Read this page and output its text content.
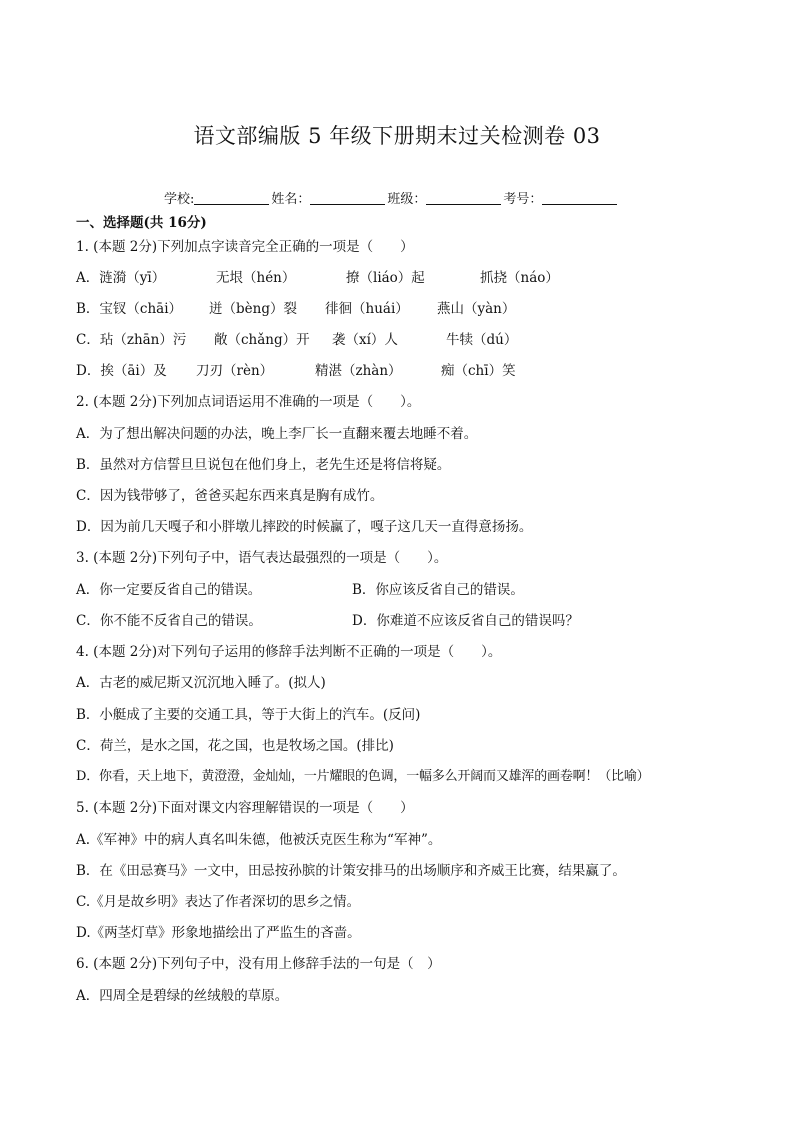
语文部编版 5 年级下册期末过关检测卷 03
学校:	姓名：	班级：	考号：
一、选择题(共 16分)
1. (本题 2分)下列加点字读音完全正确的一项是（　　）
A．涟漪（yī）	无垠（hén）	撩（liáo）起	抓挠（náo）
B．宝钗（chāi） 迸（bèng）裂 徘徊（huái） 燕山（yàn）
C．玷（zhān）污 敞（chǎng）开 袭（xí）人	牛犊（dú）
D．挨（āi）及 刀刃（rèn）	精湛（zhàn）	痴（chī）笑
2. (本题 2分)下列加点词语运用不准确的一项是（　　）。
A．为了想出解决问题的办法，晚上李厂长一直翻来覆去地睡不着。
B．虽然对方信誓旦旦说包在他们身上，老先生还是将信将疑。
C．因为钱带够了，爸爸买起东西来真是胸有成竹。
D．因为前几天嘎子和小胖墩儿摔跤的时候赢了，嘎子这几天一直得意扬扬。
3. (本题 2分)下列句子中，语气表达最强烈的一项是（　　）。
A．你一定要反省自己的错误。	B．你应该反省自己的错误。
C．你不能不反省自己的错误。	D．你难道不应该反省自己的错误吗？
4. (本题 2分)对下列句子运用的修辞手法判断不正确的一项是（　　）。
A．古老的威尼斯又沉沉地入睡了。(拟人)
B．小艇成了主要的交通工具，等于大街上的汽车。(反问)
C．荷兰，是水之国，花之国，也是牧场之国。(排比)
D．你看，天上地下，黄澄澄，金灿灿，一片耀眼的色调，一幅多么开阔而又雄浑的画卷啊！（比喻）
5. (本题 2分)下面对课文内容理解错误的一项是（　　）
A.《军神》中的病人真名叫朱德，他被沃克医生称为“军神”。
B．在《田忌赛马》一文中，田忌按孙膑的计策安排马的出场顺序和齐威王比赛，结果赢了。
C.《月是故乡明》表达了作者深切的思乡之情。
D.《两茎灯草》形象地描绘出了严监生的吝啬。
6. (本题 2分)下列句子中，没有用上修辞手法的一句是（　）
A．四周全是碧绿的丝绒般的草原。
